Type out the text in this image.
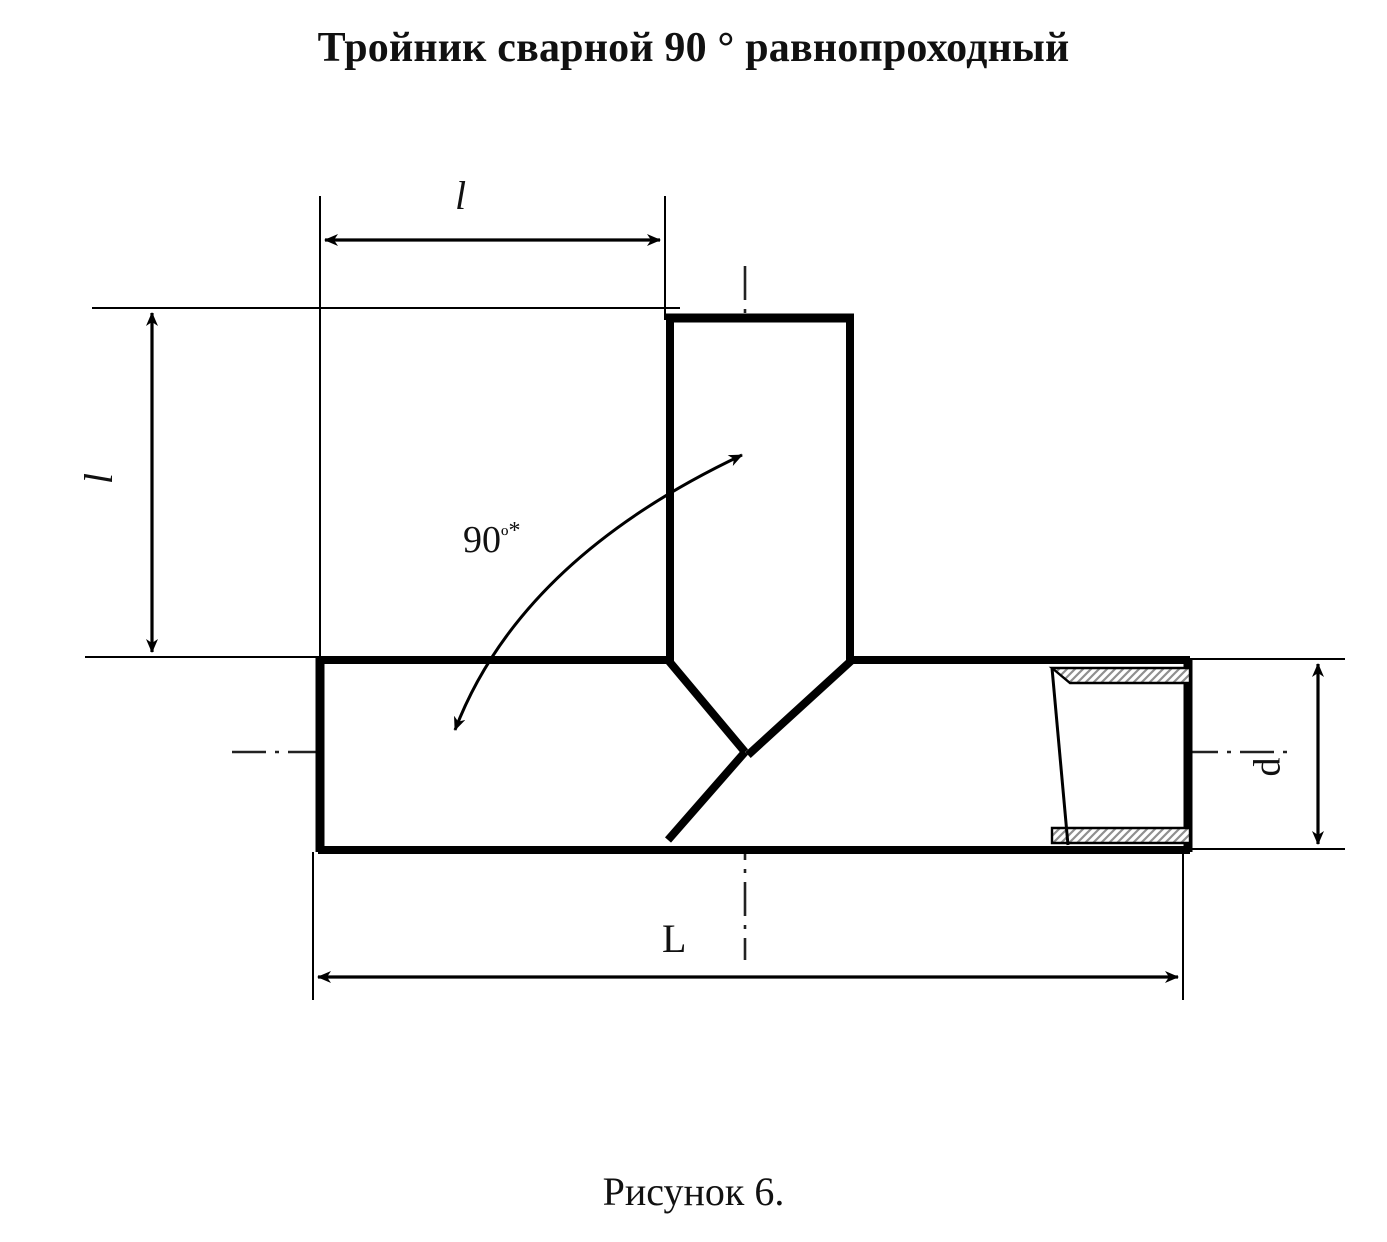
l
l
d
L
$90^{º*}$
Тройник сварной 90 ° равнопроходный
Рисунок 6.
